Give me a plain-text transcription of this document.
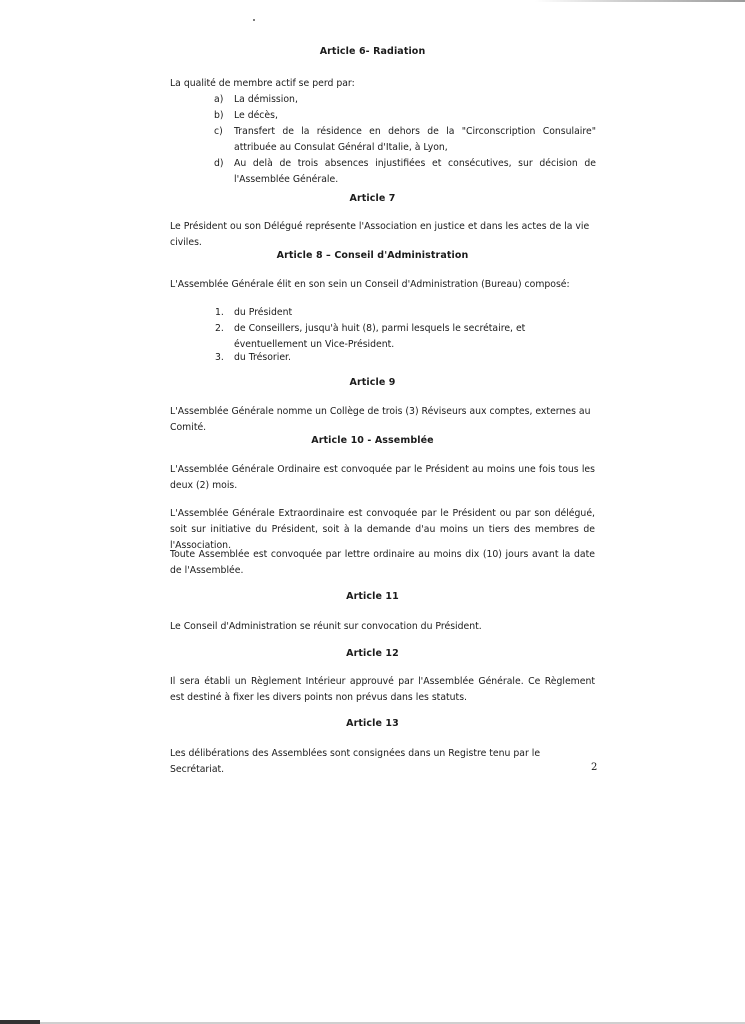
Article 6- Radiation
La qualité de membre actif se perd par:
a)	La démission,
b)	Le décès,
c)	Transfert de la résidence en dehors de la "Circonscription Consulaire" attribuée au Consulat Général d'Italie, à Lyon,
d)	Au delà de trois absences injustifiées et consécutives, sur décision de l'Assemblée Générale.
Article 7
Le Président ou son Délégué représente l'Association en justice et dans les actes de la vie civiles.
Article 8 – Conseil d'Administration
L'Assemblée Générale élit en son sein un Conseil d'Administration (Bureau) composé:
1.	du Président
2.	de Conseillers, jusqu'à huit (8), parmi lesquels le secrétaire, et éventuellement un Vice-Président.
3.	du Trésorier.
Article 9
L'Assemblée Générale nomme un Collège de trois (3) Réviseurs aux comptes, externes au Comité.
Article 10 - Assemblée
L'Assemblée Générale Ordinaire est convoquée par le Président au moins une fois tous les deux (2) mois.
L'Assemblée Générale Extraordinaire est convoquée par le Président ou par son délégué, soit sur initiative du Président, soit à la demande d'au moins un tiers des membres de l'Association.
Toute Assemblée est convoquée par lettre ordinaire au moins dix (10) jours avant la date de l'Assemblée.
Article 11
Le Conseil d'Administration se réunit sur convocation du Président.
Article 12
Il sera établi un Règlement Intérieur approuvé par l'Assemblée Générale. Ce Règlement est destiné à fixer les divers points non prévus dans les statuts.
Article 13
Les délibérations des Assemblées sont consignées dans un Registre tenu par le Secrétariat.	2
